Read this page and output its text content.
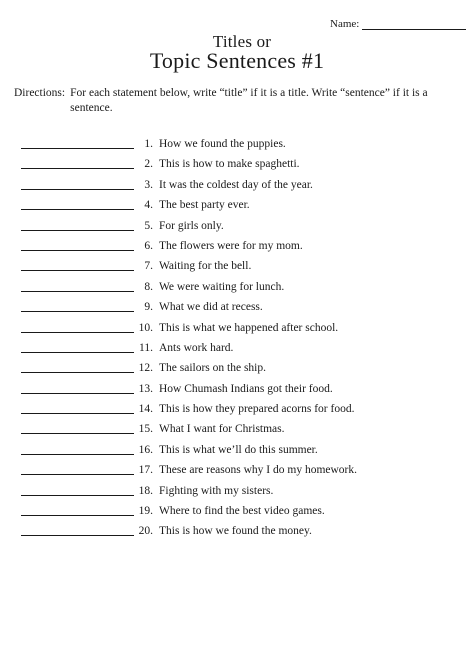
Name:
Titles or
Topic Sentences #1
Directions: For each statement below, write “title” if it is a title. Write “sentence” if it is a sentence.
1. How we found the puppies.
2. This is how to make spaghetti.
3. It was the coldest day of the year.
4. The best party ever.
5. For girls only.
6. The flowers were for my mom.
7. Waiting for the bell.
8. We were waiting for lunch.
9. What we did at recess.
10. This is what we happened after school.
11. Ants work hard.
12. The sailors on the ship.
13. How Chumash Indians got their food.
14. This is how they prepared acorns for food.
15. What I want for Christmas.
16. This is what we’ll do this summer.
17. These are reasons why I do my homework.
18. Fighting with my sisters.
19. Where to find the best video games.
20. This is how we found the money.
